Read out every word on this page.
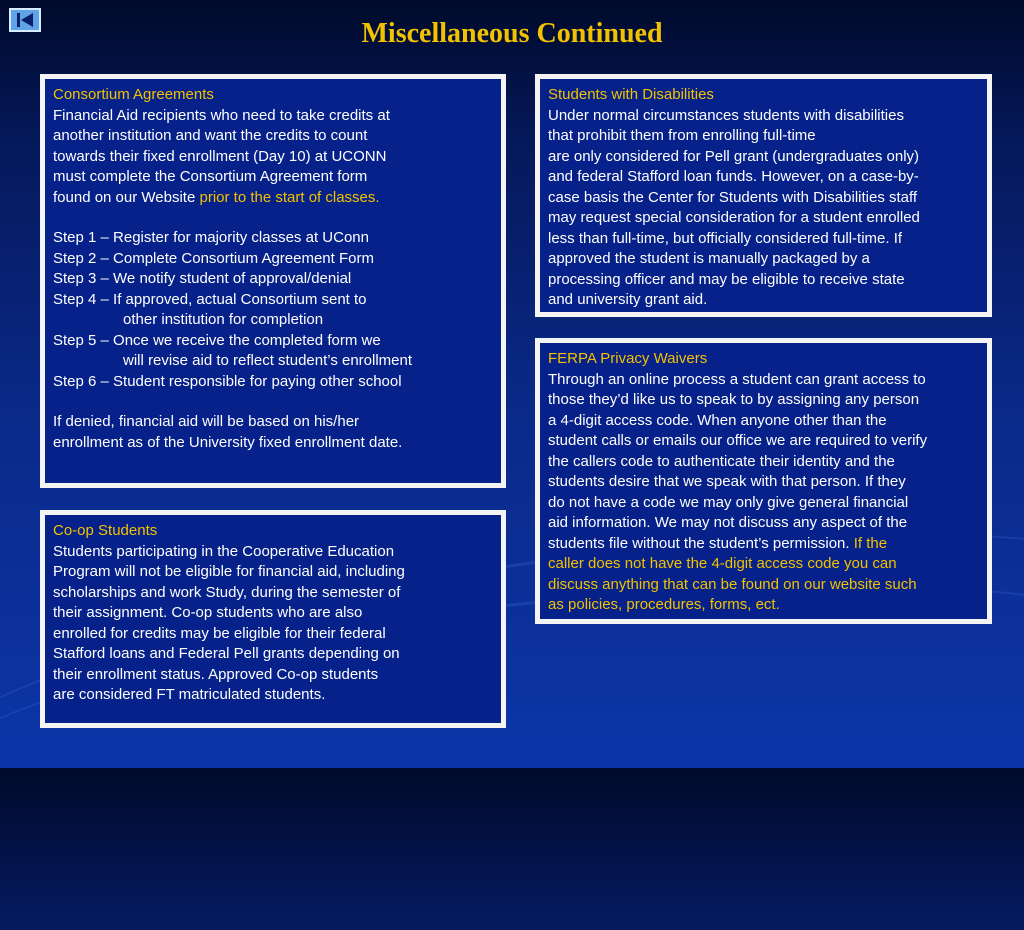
Miscellaneous Continued

Consortium Agreements

Financial Aid recipients who need to take credits at

another institution and want the credits to count

towards their fixed enrollment (Day 10) at UCONN

must complete the Consortium Agreement form

found on our Website prior to the start of classes.

Step 1 – Register for majority classes at UConn

Step 2 – Complete Consortium Agreement Form

Step 3 – We notify student of approval/denial

Step 4 – If approved, actual Consortium sent to

other institution for completion

Step 5 – Once we receive the completed form we

will revise aid to reflect student’s enrollment

Step 6 – Student responsible for paying other school

If denied, financial aid will be based on his/her

enrollment as of the University fixed enrollment date.

Co-op Students

Students participating in the Cooperative Education

Program will not be eligible for financial aid, including

scholarships and work Study, during the semester of

their assignment. Co-op students who are also

enrolled for credits may be eligible for their federal

Stafford loans and Federal Pell grants depending on

their enrollment status. Approved Co-op students

are considered FT matriculated students.

Students with Disabilities

Under normal circumstances students with disabilities

that prohibit them from enrolling full-time

are only considered for Pell grant (undergraduates only)

and federal Stafford loan funds. However, on a case-by-

case basis the Center for Students with Disabilities staff

may request special consideration for a student enrolled

less than full-time, but officially considered full-time. If

approved the student is manually packaged by a

processing officer and may be eligible to receive state

and university grant aid.

FERPA Privacy Waivers

Through an online process a student can grant access to

those they’d like us to speak to by assigning any person

a 4-digit access code. When anyone other than the

student calls or emails our office we are required to verify

the callers code to authenticate their identity and the

students desire that we speak with that person. If they

do not have a code we may only give general financial

aid information. We may not discuss any aspect of the

students file without the student’s permission. If the

caller does not have the 4-digit access code you can

discuss anything that can be found on our website such

as policies, procedures, forms, ect.
